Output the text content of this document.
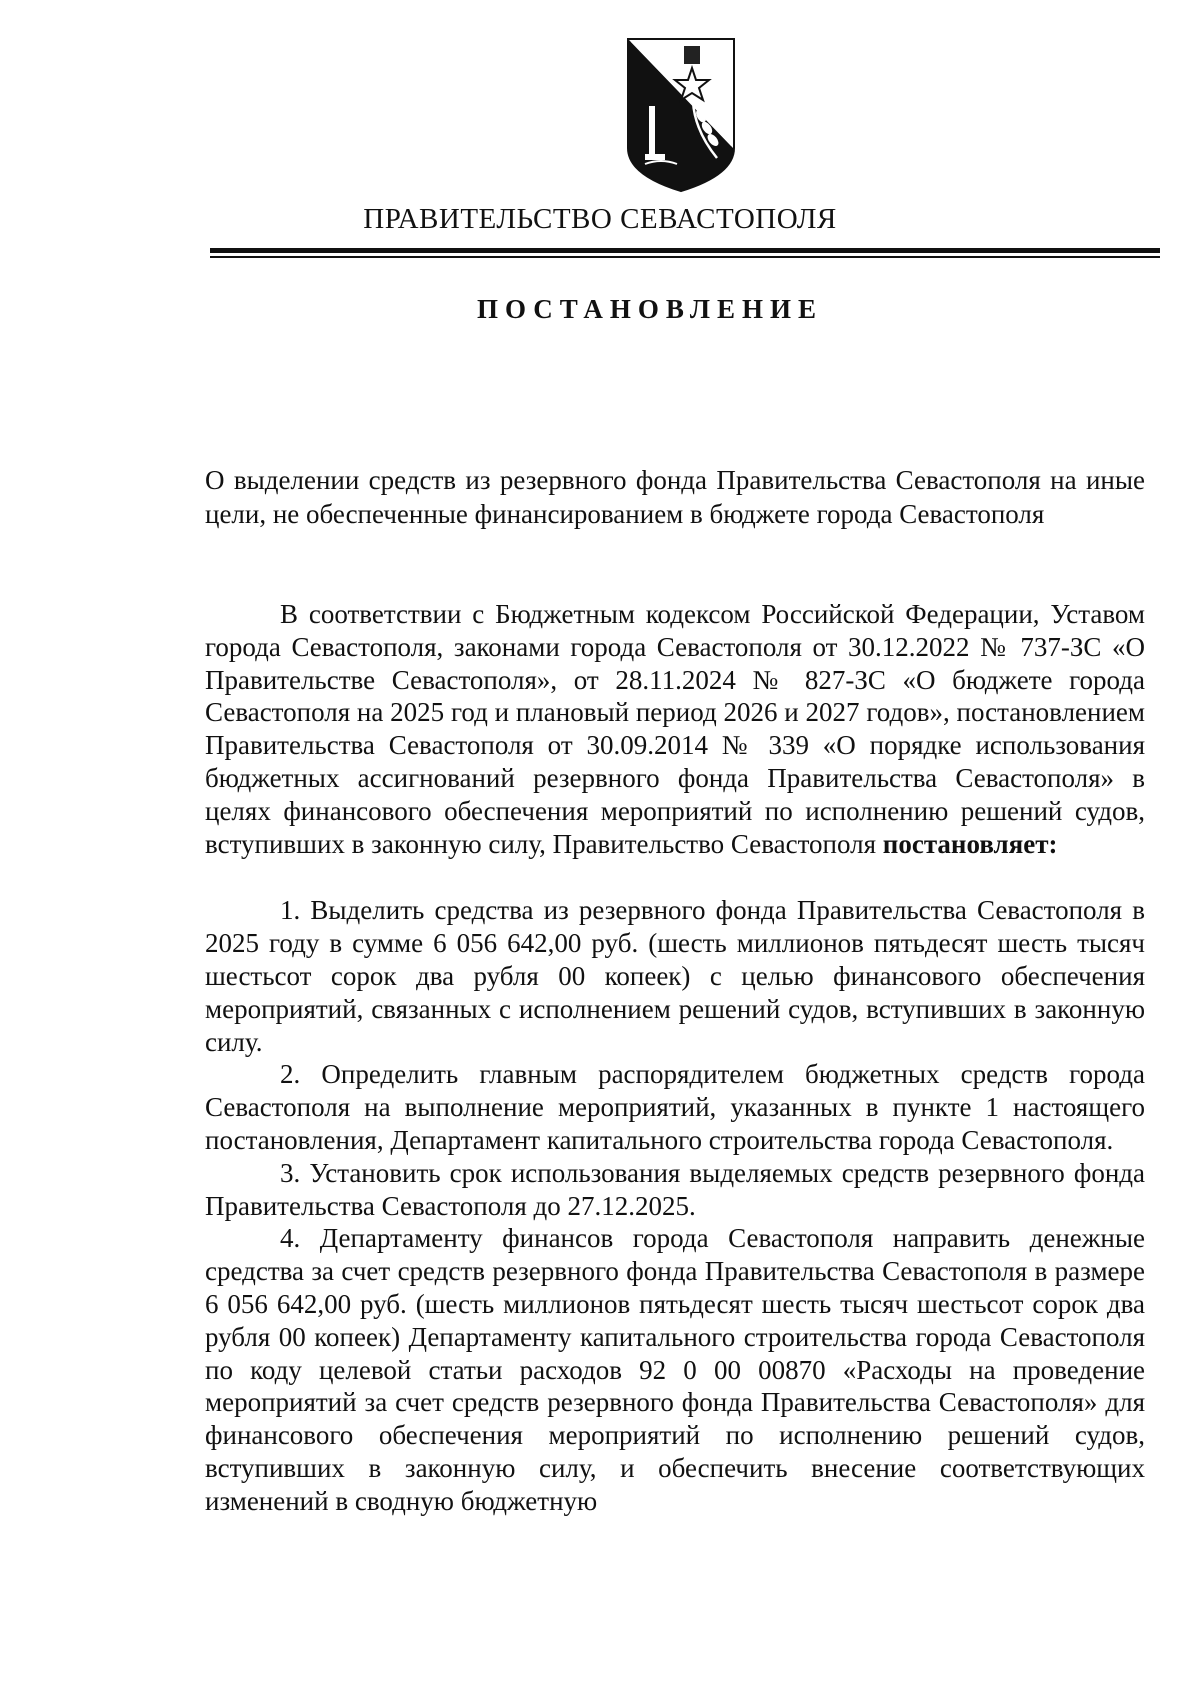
ПРАВИТЕЛЬСТВО СЕВАСТОПОЛЯ
ПОСТАНОВЛЕНИЕ
О выделении средств из резервного фонда Правительства Севастополя на иные цели, не обеспеченные финансированием в бюджете города Севастополя

В соответствии с Бюджетным кодексом Российской Федерации, Уставом города Севастополя, законами города Севастополя от 30.12.2022 № 737-ЗС «О Правительстве Севастополя», от 28.11.2024 № 827-ЗС «О бюджете города Севастополя на 2025 год и плановый период 2026 и 2027 годов», постановлением Правительства Севастополя от 30.09.2014 № 339 «О порядке использования бюджетных ассигнований резервного фонда Правительства Севастополя» в целях финансового обеспечения мероприятий по исполнению решений судов, вступивших в законную силу, Правительство Севастополя постановляет:

1. Выделить средства из резервного фонда Правительства Севастополя в 2025 году в сумме 6 056 642,00 руб. (шесть миллионов пятьдесят шесть тысяч шестьсот сорок два рубля 00 копеек) с целью финансового обеспечения мероприятий, связанных с исполнением решений судов, вступивших в законную силу.

2. Определить главным распорядителем бюджетных средств города Севастополя на выполнение мероприятий, указанных в пункте 1 настоящего постановления, Департамент капитального строительства города Севастополя.

3. Установить срок использования выделяемых средств резервного фонда Правительства Севастополя до 27.12.2025.

4. Департаменту финансов города Севастополя направить денежные средства за счет средств резервного фонда Правительства Севастополя в размере 6 056 642,00 руб. (шесть миллионов пятьдесят шесть тысяч шестьсот сорок два рубля 00 копеек) Департаменту капитального строительства города Севастополя по коду целевой статьи расходов 92 0 00 00870 «Расходы на проведение мероприятий за счет средств резервного фонда Правительства Севастополя» для финансового обеспечения мероприятий по исполнению решений судов, вступивших в законную силу, и обеспечить внесение соответствующих изменений в сводную бюджетную
